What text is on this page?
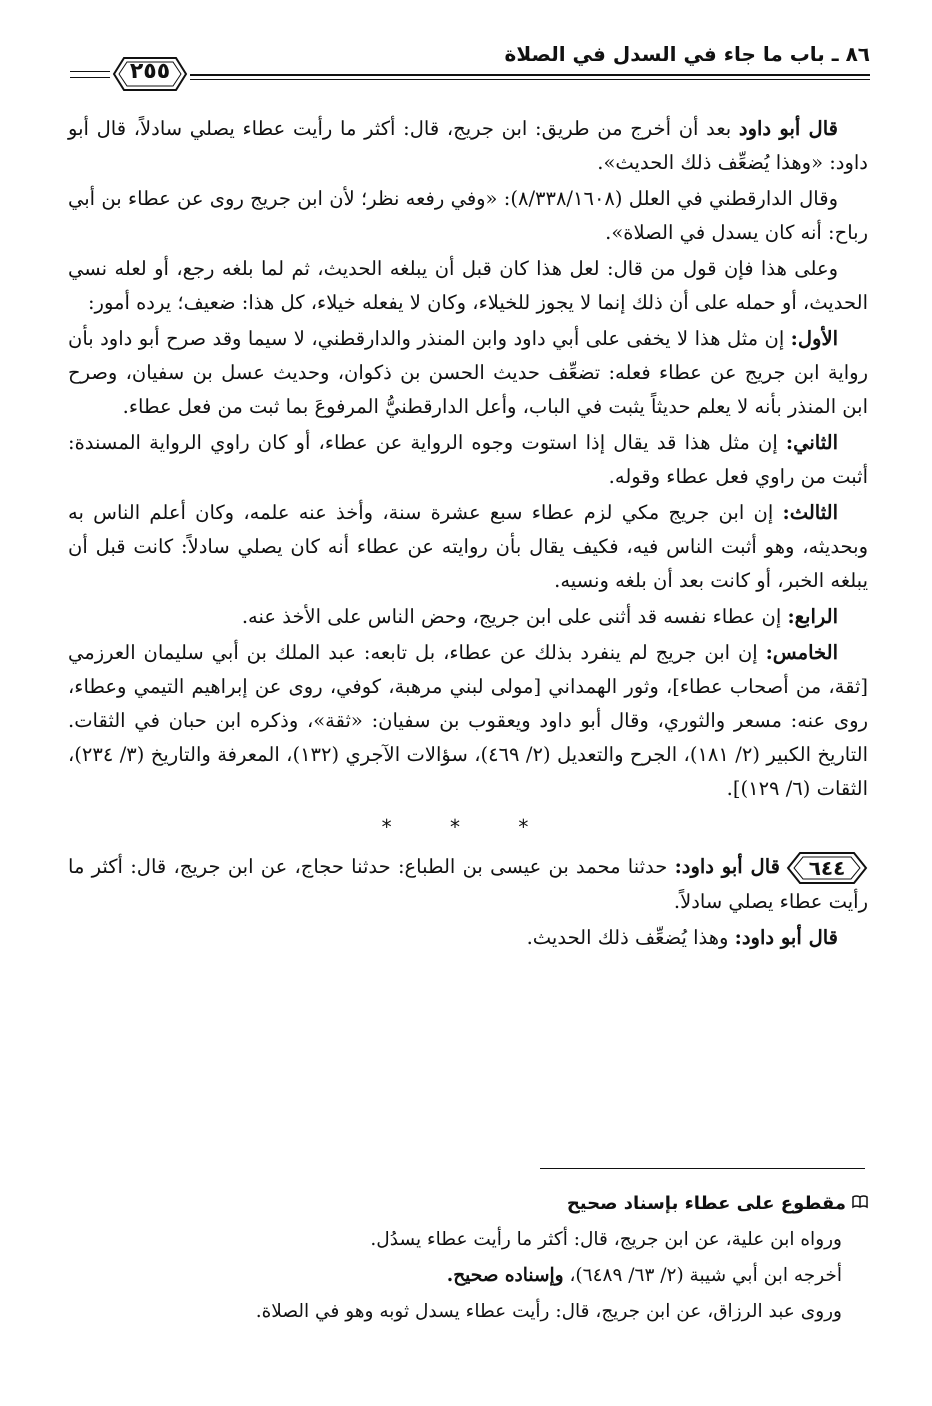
٨٦ ـ باب ما جاء في السدل في الصلاة
٢٥٥

قال أبو داود بعد أن أخرج من طريق: ابن جريج، قال: أكثر ما رأيت عطاء يصلي سادلاً، قال أبو داود: «وهذا يُضعِّف ذلك الحديث».

وقال الدارقطني في العلل (٨/٣٣٨/١٦٠٨): «وفي رفعه نظر؛ لأن ابن جريج روى عن عطاء بن أبي رباح: أنه كان يسدل في الصلاة».

وعلى هذا فإن قول من قال: لعل هذا كان قبل أن يبلغه الحديث، ثم لما بلغه رجع، أو لعله نسي الحديث، أو حمله على أن ذلك إنما لا يجوز للخيلاء، وكان لا يفعله خيلاء، كل هذا: ضعيف؛ يرده أمور:

الأول: إن مثل هذا لا يخفى على أبي داود وابن المنذر والدارقطني، لا سيما وقد صرح أبو داود بأن رواية ابن جريج عن عطاء فعله: تضعِّف حديث الحسن بن ذكوان، وحديث عسل بن سفيان، وصرح ابن المنذر بأنه لا يعلم حديثاً يثبت في الباب، وأعل الدارقطنيُّ المرفوعَ بما ثبت من فعل عطاء.

الثاني: إن مثل هذا قد يقال إذا استوت وجوه الرواية عن عطاء، أو كان راوي الرواية المسندة: أثبت من راوي فعل عطاء وقوله.

الثالث: إن ابن جريج مكي لزم عطاء سبع عشرة سنة، وأخذ عنه علمه، وكان أعلم الناس به وبحديثه، وهو أثبت الناس فيه، فكيف يقال بأن روايته عن عطاء أنه كان يصلي سادلاً: كانت قبل أن يبلغه الخبر، أو كانت بعد أن بلغه ونسيه.

الرابع: إن عطاء نفسه قد أثنى على ابن جريج، وحض الناس على الأخذ عنه.

الخامس: إن ابن جريج لم ينفرد بذلك عن عطاء، بل تابعه: عبد الملك بن أبي سليمان العرزمي [ثقة، من أصحاب عطاء]، وثور الهمداني [مولى لبني مرهبة، كوفي، روى عن إبراهيم التيمي وعطاء، روى عنه: مسعر والثوري، وقال أبو داود ويعقوب بن سفيان: «ثقة»، وذكره ابن حبان في الثقات. التاريخ الكبير (٢/ ١٨١)، الجرح والتعديل (٢/ ٤٦٩)، سؤالات الآجري (١٣٢)، المعرفة والتاريخ (٣/ ٢٣٤)، الثقات (٦/ ١٢٩)].

* * *

٦٤٤
قال أبو داود: حدثنا محمد بن عيسى بن الطباع: حدثنا حجاج، عن ابن جريج، قال: أكثر ما رأيت عطاء يصلي سادلاً.

قال أبو داود: وهذا يُضعِّف ذلك الحديث.

مقطوع على عطاء بإسناد صحيح

ورواه ابن علية، عن ابن جريج، قال: أكثر ما رأيت عطاء يسدُل.

أخرجه ابن أبي شيبة (٢/ ٦٣/ ٦٤٨٩)، وإسناده صحيح.

وروى عبد الرزاق، عن ابن جريج، قال: رأيت عطاء يسدل ثوبه وهو في الصلاة.
